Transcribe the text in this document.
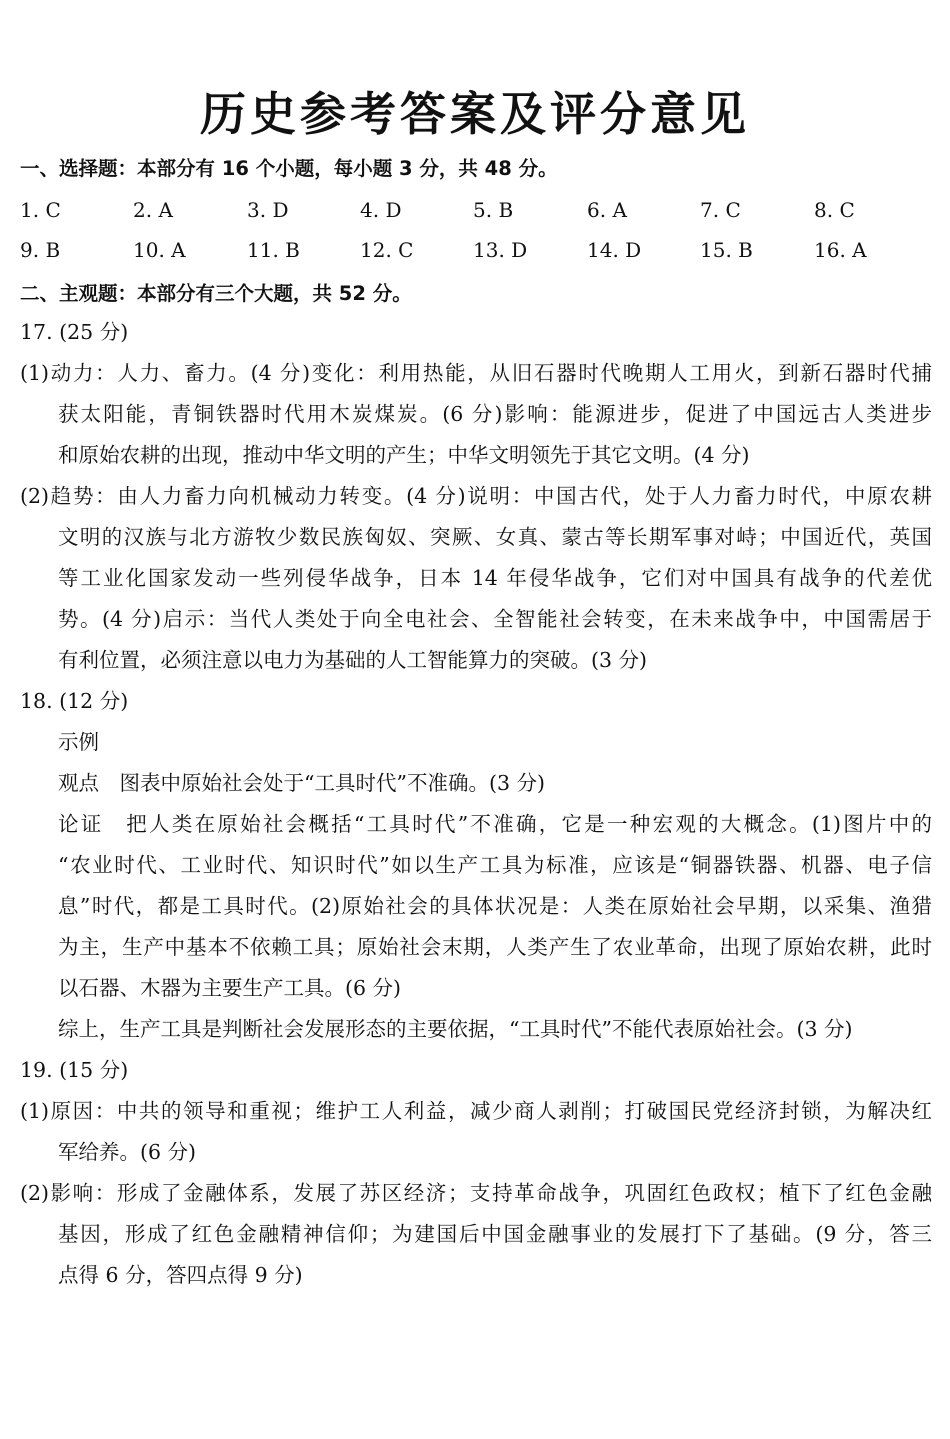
历史参考答案及评分意见
一、选择题：本部分有 16 个小题，每小题 3 分，共 48 分。
1. C	2. A	3. D	4. D	5. B	6. A	7. C	8. C
9. B	10. A	11. B	12. C	13. D	14. D	15. B	16. A
二、主观题：本部分有三个大题，共 52 分。
17. (25 分)
(1)动力：人力、畜力。(4 分)变化：利用热能，从旧石器时代晚期人工用火，到新石器时代捕
获太阳能，青铜铁器时代用木炭煤炭。(6 分)影响：能源进步，促进了中国远古人类进步
和原始农耕的出现，推动中华文明的产生；中华文明领先于其它文明。(4 分)
(2)趋势：由人力畜力向机械动力转变。(4 分)说明：中国古代，处于人力畜力时代，中原农耕
文明的汉族与北方游牧少数民族匈奴、突厥、女真、蒙古等长期军事对峙；中国近代，英国
等工业化国家发动一些列侵华战争，日本 14 年侵华战争，它们对中国具有战争的代差优
势。(4 分)启示：当代人类处于向全电社会、全智能社会转变，在未来战争中，中国需居于
有利位置，必须注意以电力为基础的人工智能算力的突破。(3 分)
18. (12 分)
示例
观点　图表中原始社会处于“工具时代”不准确。(3 分)
论证　把人类在原始社会概括“工具时代”不准确，它是一种宏观的大概念。(1)图片中的
“农业时代、工业时代、知识时代”如以生产工具为标准，应该是“铜器铁器、机器、电子信
息”时代，都是工具时代。(2)原始社会的具体状况是：人类在原始社会早期，以采集、渔猎
为主，生产中基本不依赖工具；原始社会末期，人类产生了农业革命，出现了原始农耕，此时
以石器、木器为主要生产工具。(6 分)
综上，生产工具是判断社会发展形态的主要依据，“工具时代”不能代表原始社会。(3 分)
19. (15 分)
(1)原因：中共的领导和重视；维护工人利益，减少商人剥削；打破国民党经济封锁，为解决红
军给养。(6 分)
(2)影响：形成了金融体系，发展了苏区经济；支持革命战争，巩固红色政权；植下了红色金融
基因，形成了红色金融精神信仰；为建国后中国金融事业的发展打下了基础。(9 分，答三
点得 6 分，答四点得 9 分)
